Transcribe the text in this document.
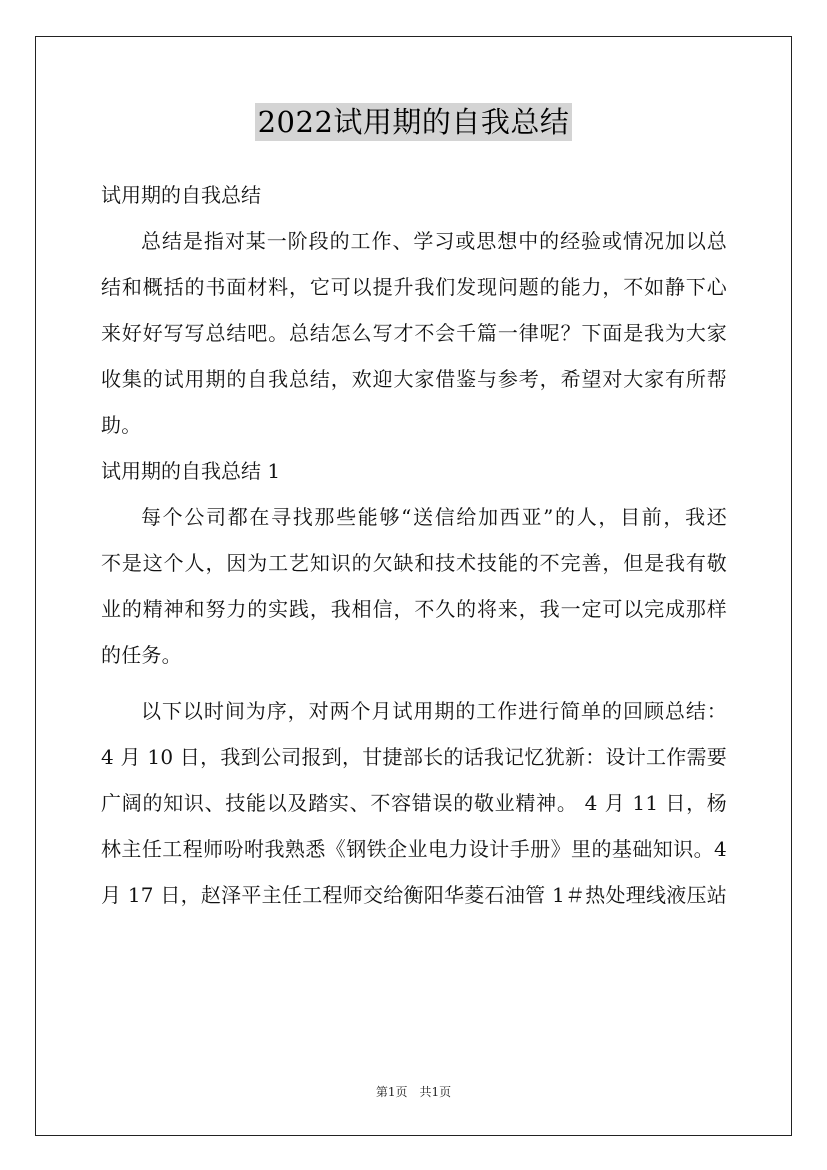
2022试用期的自我总结
试用期的自我总结

总结是指对某一阶段的工作、学习或思想中的经验或情况加以总
结和概括的书面材料，它可以提升我们发现问题的能力，不如静下心
来好好写写总结吧。总结怎么写才不会千篇一律呢？下面是我为大家
收集的试用期的自我总结，欢迎大家借鉴与参考，希望对大家有所帮
助。

试用期的自我总结 1

每个公司都在寻找那些能够“送信给加西亚”的人，目前，我还
不是这个人，因为工艺知识的欠缺和技术技能的不完善，但是我有敬
业的精神和努力的实践，我相信，不久的将来，我一定可以完成那样
的任务。

以下以时间为序，对两个月试用期的工作进行简单的回顾总结：
4 月 10 日，我到公司报到，甘捷部长的话我记忆犹新：设计工作需要
广阔的知识、技能以及踏实、不容错误的敬业精神。 4 月 11 日，杨
林主任工程师吩咐我熟悉《钢铁企业电力设计手册》里的基础知识。4
月 17 日，赵泽平主任工程师交给衡阳华菱石油管 1＃热处理线液压站

第1页　共1页
